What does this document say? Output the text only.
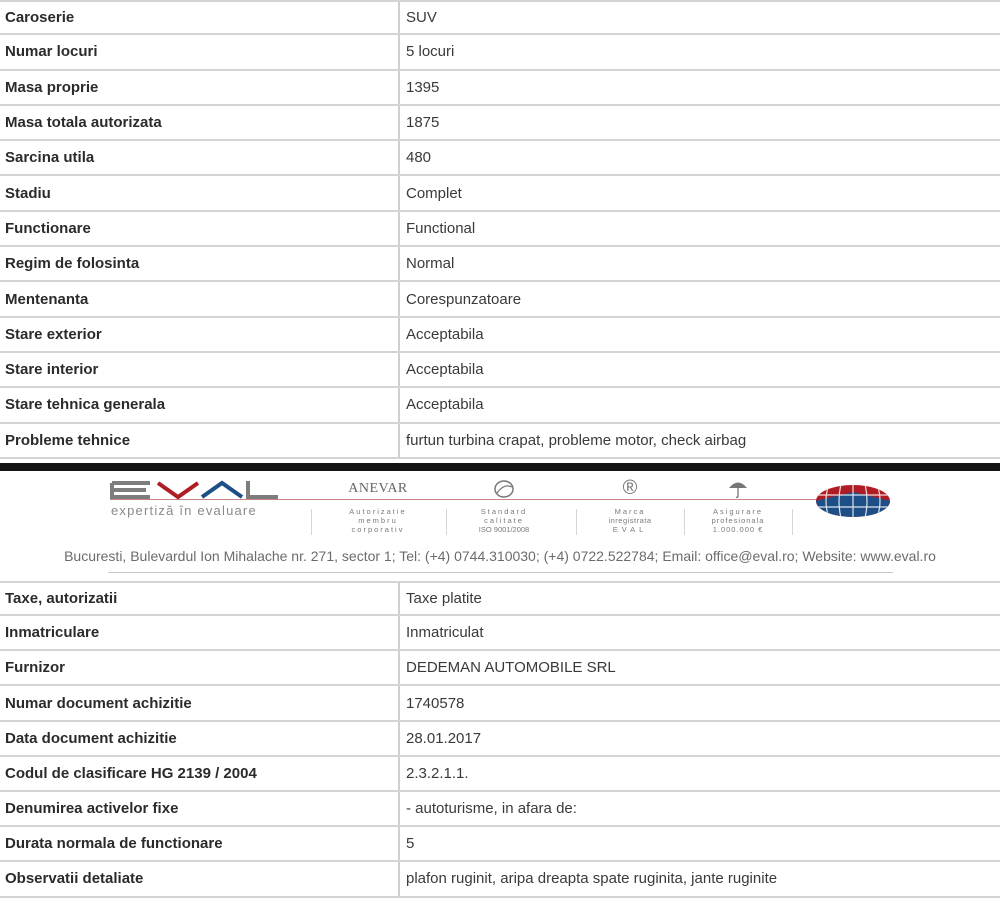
Caroserie	SUV
Numar locuri	5 locuri
Masa proprie	1395
Masa totala autorizata	1875
Sarcina utila	480
Stadiu	Complet
Functionare	Functional
Regim de folosinta	Normal
Mentenanta	Corespunzatoare
Stare exterior	Acceptabila
Stare interior	Acceptabila
Stare tehnica generala	Acceptabila
Probleme tehnice	furtun turbina crapat, probleme motor, check airbag
expertiză în evaluare
ANEVAR
Autorizatie
membru
corporativ
Standard
calitate
ISO 9001/2008
®
Marca
inregistrata
EVAL
Asigurare
profesionala
1.000.000 €
Bucuresti, Bulevardul Ion Mihalache nr. 271, sector 1; Tel: (+4) 0744.310030; (+4) 0722.522784; Email: office@eval.ro; Website: www.eval.ro
Taxe, autorizatii	Taxe platite
Inmatriculare	Inmatriculat
Furnizor	DEDEMAN AUTOMOBILE SRL
Numar document achizitie	1740578
Data document achizitie	28.01.2017
Codul de clasificare HG 2139 / 2004	2.3.2.1.1.
Denumirea activelor fixe	- autoturisme, in afara de:
Durata normala de functionare	5
Observatii detaliate	plafon ruginit, aripa dreapta spate ruginita, jante ruginite
